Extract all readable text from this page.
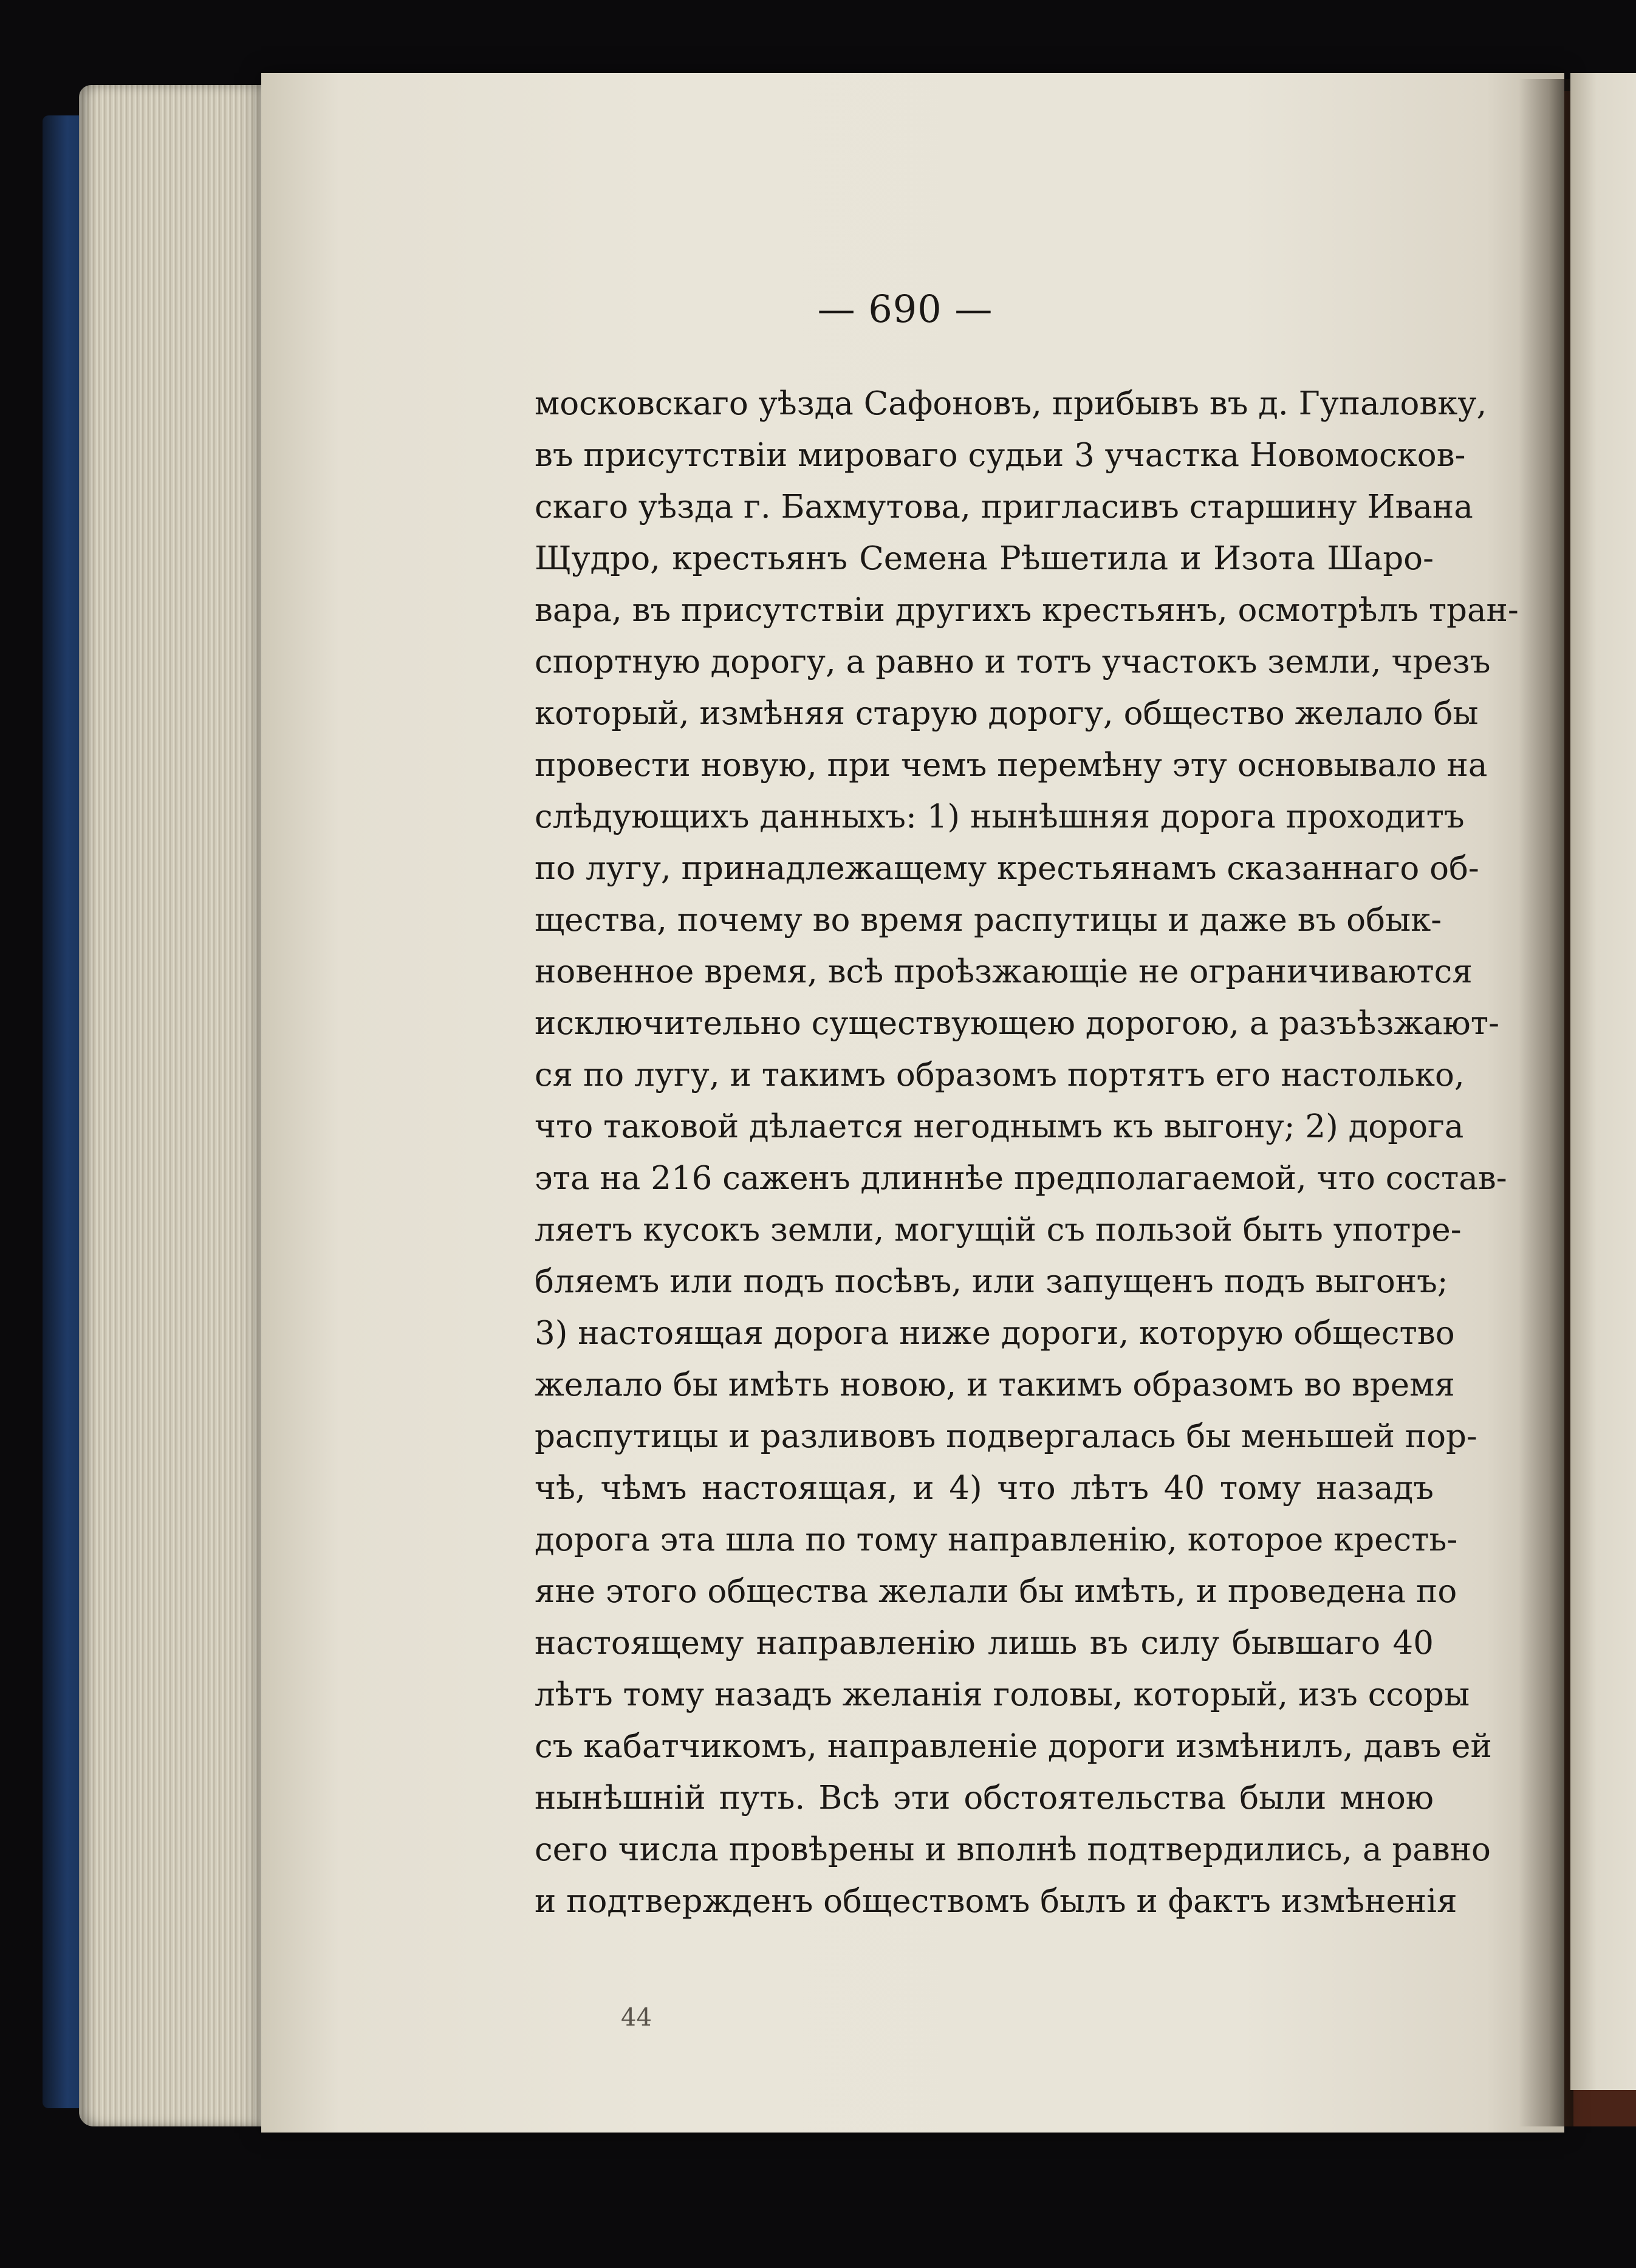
— 690 —
московскаго уѣзда Сафоновъ, прибывъ въ д. Гупаловку,
въ присутствіи мироваго судьи 3 участка Новомосков-
скаго уѣзда г. Бахмутова, пригласивъ старшину Ивана
Щудро, крестьянъ Семена Рѣшетила и Изота Шаро-
вара, въ присутствіи другихъ крестьянъ, осмотрѣлъ тран-
спортную дорогу, а равно и тотъ участокъ земли, чрезъ
который, измѣняя старую дорогу, общество желало бы
провести новую, при чемъ перемѣну эту основывало на
слѣдующихъ данныхъ: 1) нынѣшняя дорога проходитъ
по лугу, принадлежащему крестьянамъ сказаннаго об-
щества, почему во время распутицы и даже въ обык-
новенное время, всѣ проѣзжающіе не ограничиваются
исключительно существующею дорогою, а разъѣзжают-
ся по лугу, и такимъ образомъ портятъ его настолько,
что таковой дѣлается негоднымъ къ выгону; 2) дорога
эта на 216 саженъ длиннѣе предполагаемой, что состав-
ляетъ кусокъ земли, могущій съ пользой быть употре-
бляемъ или подъ посѣвъ, или запущенъ подъ выгонъ;
3) настоящая дорога ниже дороги, которую общество
желало бы имѣть новою, и такимъ образомъ во время
распутицы и разливовъ подвергалась бы меньшей пор-
чѣ, чѣмъ настоящая, и 4) что лѣтъ 40 тому назадъ
дорога эта шла по тому направленію, которое кресть-
яне этого общества желали бы имѣть, и проведена по
настоящему направленію лишь въ силу бывшаго 40
лѣтъ тому назадъ желанія головы, который, изъ ссоры
съ кабатчикомъ, направленіе дороги измѣнилъ, давъ ей
нынѣшній путь. Всѣ эти обстоятельства были мною
сего числа провѣрены и вполнѣ подтвердились, а равно
и подтвержденъ обществомъ былъ и фактъ измѣненія
44
